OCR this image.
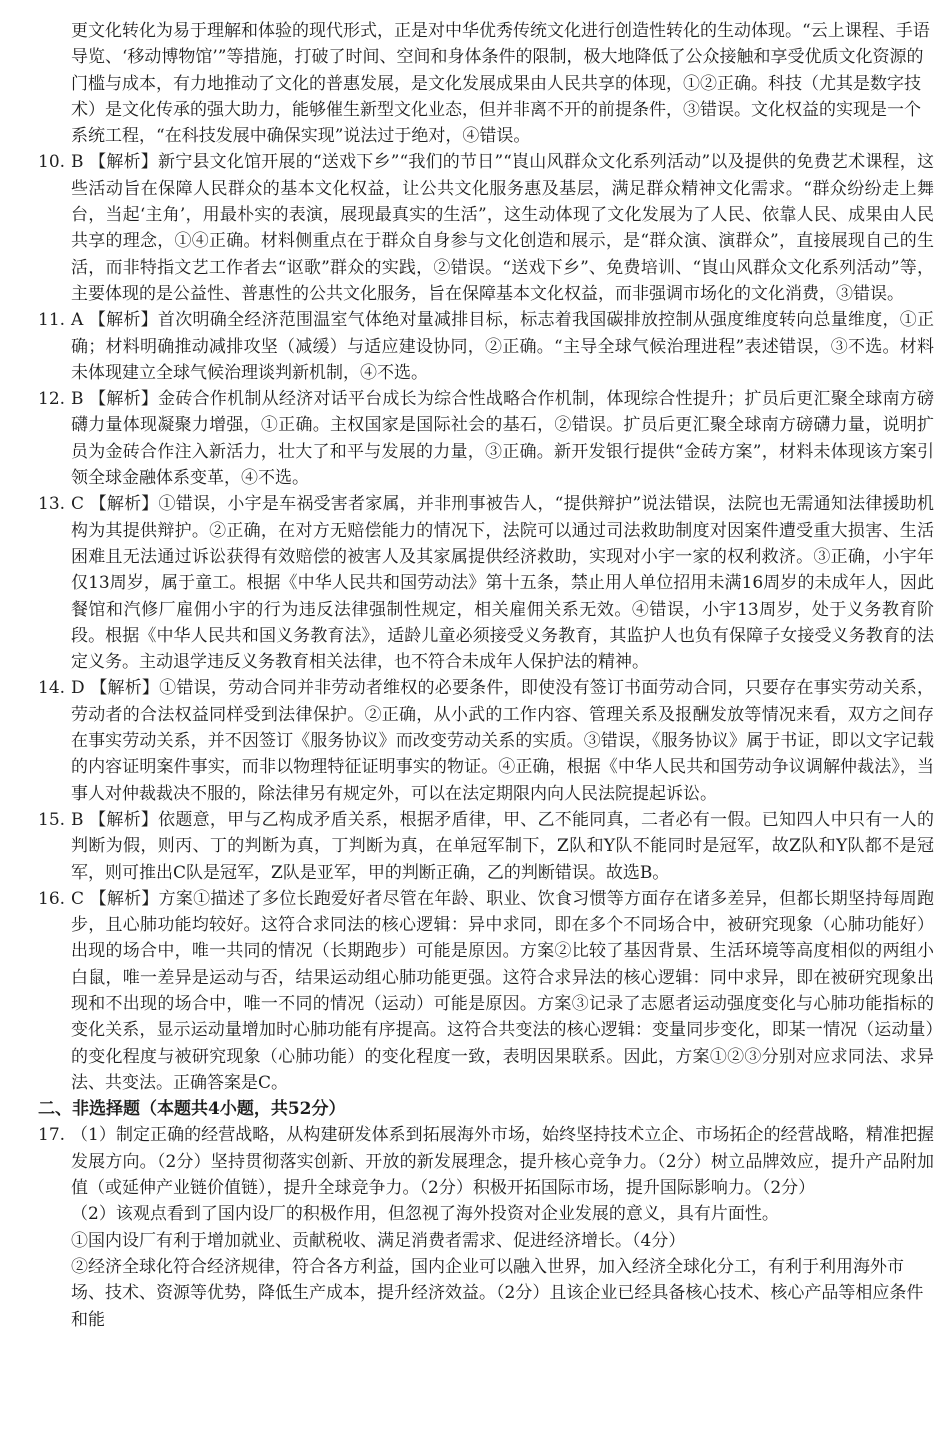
更文化转化为易于理解和体验的现代形式，正是对中华优秀传统文化进行创造性转化的生动体现。“云上课程、手语导览、‘移动博物馆’”等措施，打破了时间、空间和身体条件的限制，极大地降低了公众接触和享受优质文化资源的门槛与成本，有力地推动了文化的普惠发展，是文化发展成果由人民共享的体现，①②正确。科技（尤其是数字技术）是文化传承的强大助力，能够催生新型文化业态，但并非离不开的前提条件，③错误。文化权益的实现是一个系统工程，“在科技发展中确保实现”说法过于绝对，④错误。

10. B 【解析】新宁县文化馆开展的“送戏下乡”“我们的节日”“崀山风群众文化系列活动”以及提供的免费艺术课程，这些活动旨在保障人民群众的基本文化权益，让公共文化服务惠及基层，满足群众精神文化需求。“群众纷纷走上舞台，当起‘主角’，用最朴实的表演，展现最真实的生活”，这生动体现了文化发展为了人民、依靠人民、成果由人民共享的理念，①④正确。材料侧重点在于群众自身参与文化创造和展示，是“群众演、演群众”，直接展现自己的生活，而非特指文艺工作者去“讴歌”群众的实践，②错误。“送戏下乡”、免费培训、“崀山风群众文化系列活动”等，主要体现的是公益性、普惠性的公共文化服务，旨在保障基本文化权益，而非强调市场化的文化消费，③错误。
11. A 【解析】首次明确全经济范围温室气体绝对量减排目标，标志着我国碳排放控制从强度维度转向总量维度，①正确；材料明确推动减排攻坚（减缓）与适应建设协同，②正确。“主导全球气候治理进程”表述错误，③不选。材料未体现建立全球气候治理谈判新机制，④不选。
12. B 【解析】金砖合作机制从经济对话平台成长为综合性战略合作机制，体现综合性提升；扩员后更汇聚全球南方磅礴力量体现凝聚力增强，①正确。主权国家是国际社会的基石，②错误。扩员后更汇聚全球南方磅礴力量，说明扩员为金砖合作注入新活力，壮大了和平与发展的力量，③正确。新开发银行提供“金砖方案”，材料未体现该方案引领全球金融体系变革，④不选。
13. C 【解析】①错误，小宇是车祸受害者家属，并非刑事被告人，“提供辩护”说法错误，法院也无需通知法律援助机构为其提供辩护。②正确，在对方无赔偿能力的情况下，法院可以通过司法救助制度对因案件遭受重大损害、生活困难且无法通过诉讼获得有效赔偿的被害人及其家属提供经济救助，实现对小宇一家的权利救济。③正确，小宇年仅13周岁，属于童工。根据《中华人民共和国劳动法》第十五条，禁止用人单位招用未满16周岁的未成年人，因此餐馆和汽修厂雇佣小宇的行为违反法律强制性规定，相关雇佣关系无效。④错误，小宇13周岁，处于义务教育阶段。根据《中华人民共和国义务教育法》，适龄儿童必须接受义务教育，其监护人也负有保障子女接受义务教育的法定义务。主动退学违反义务教育相关法律，也不符合未成年人保护法的精神。
14. D 【解析】①错误，劳动合同并非劳动者维权的必要条件，即使没有签订书面劳动合同，只要存在事实劳动关系，劳动者的合法权益同样受到法律保护。②正确，从小武的工作内容、管理关系及报酬发放等情况来看，双方之间存在事实劳动关系，并不因签订《服务协议》而改变劳动关系的实质。③错误，《服务协议》属于书证，即以文字记载的内容证明案件事实，而非以物理特征证明事实的物证。④正确，根据《中华人民共和国劳动争议调解仲裁法》，当事人对仲裁裁决不服的，除法律另有规定外，可以在法定期限内向人民法院提起诉讼。
15. B 【解析】依题意，甲与乙构成矛盾关系，根据矛盾律，甲、乙不能同真，二者必有一假。已知四人中只有一人的判断为假，则丙、丁的判断为真，丁判断为真，在单冠军制下，Z队和Y队不能同时是冠军，故Z队和Y队都不是冠军，则可推出C队是冠军，Z队是亚军，甲的判断正确，乙的判断错误。故选B。
16. C 【解析】方案①描述了多位长跑爱好者尽管在年龄、职业、饮食习惯等方面存在诸多差异，但都长期坚持每周跑步，且心肺功能均较好。这符合求同法的核心逻辑：异中求同，即在多个不同场合中，被研究现象（心肺功能好）出现的场合中，唯一共同的情况（长期跑步）可能是原因。方案②比较了基因背景、生活环境等高度相似的两组小白鼠，唯一差异是运动与否，结果运动组心肺功能更强。这符合求异法的核心逻辑：同中求异，即在被研究现象出现和不出现的场合中，唯一不同的情况（运动）可能是原因。方案③记录了志愿者运动强度变化与心肺功能指标的变化关系，显示运动量增加时心肺功能有序提高。这符合共变法的核心逻辑：变量同步变化，即某一情况（运动量）的变化程度与被研究现象（心肺功能）的变化程度一致，表明因果联系。因此，方案①②③分别对应求同法、求异法、共变法。正确答案是C。

二、非选择题（本题共4小题，共52分）

17. （1）制定正确的经营战略，从构建研发体系到拓展海外市场，始终坚持技术立企、市场拓企的经营战略，精准把握发展方向。（2分）坚持贯彻落实创新、开放的新发展理念，提升核心竞争力。（2分）树立品牌效应，提升产品附加值（或延伸产业链价值链），提升全球竞争力。（2分）积极开拓国际市场，提升国际影响力。（2分）

（2）该观点看到了国内设厂的积极作用，但忽视了海外投资对企业发展的意义，具有片面性。

①国内设厂有利于增加就业、贡献税收、满足消费者需求、促进经济增长。（4分）

②经济全球化符合经济规律，符合各方利益，国内企业可以融入世界，加入经济全球化分工，有利于利用海外市场、技术、资源等优势，降低生产成本，提升经济效益。（2分）且该企业已经具备核心技术、核心产品等相应条件和能
